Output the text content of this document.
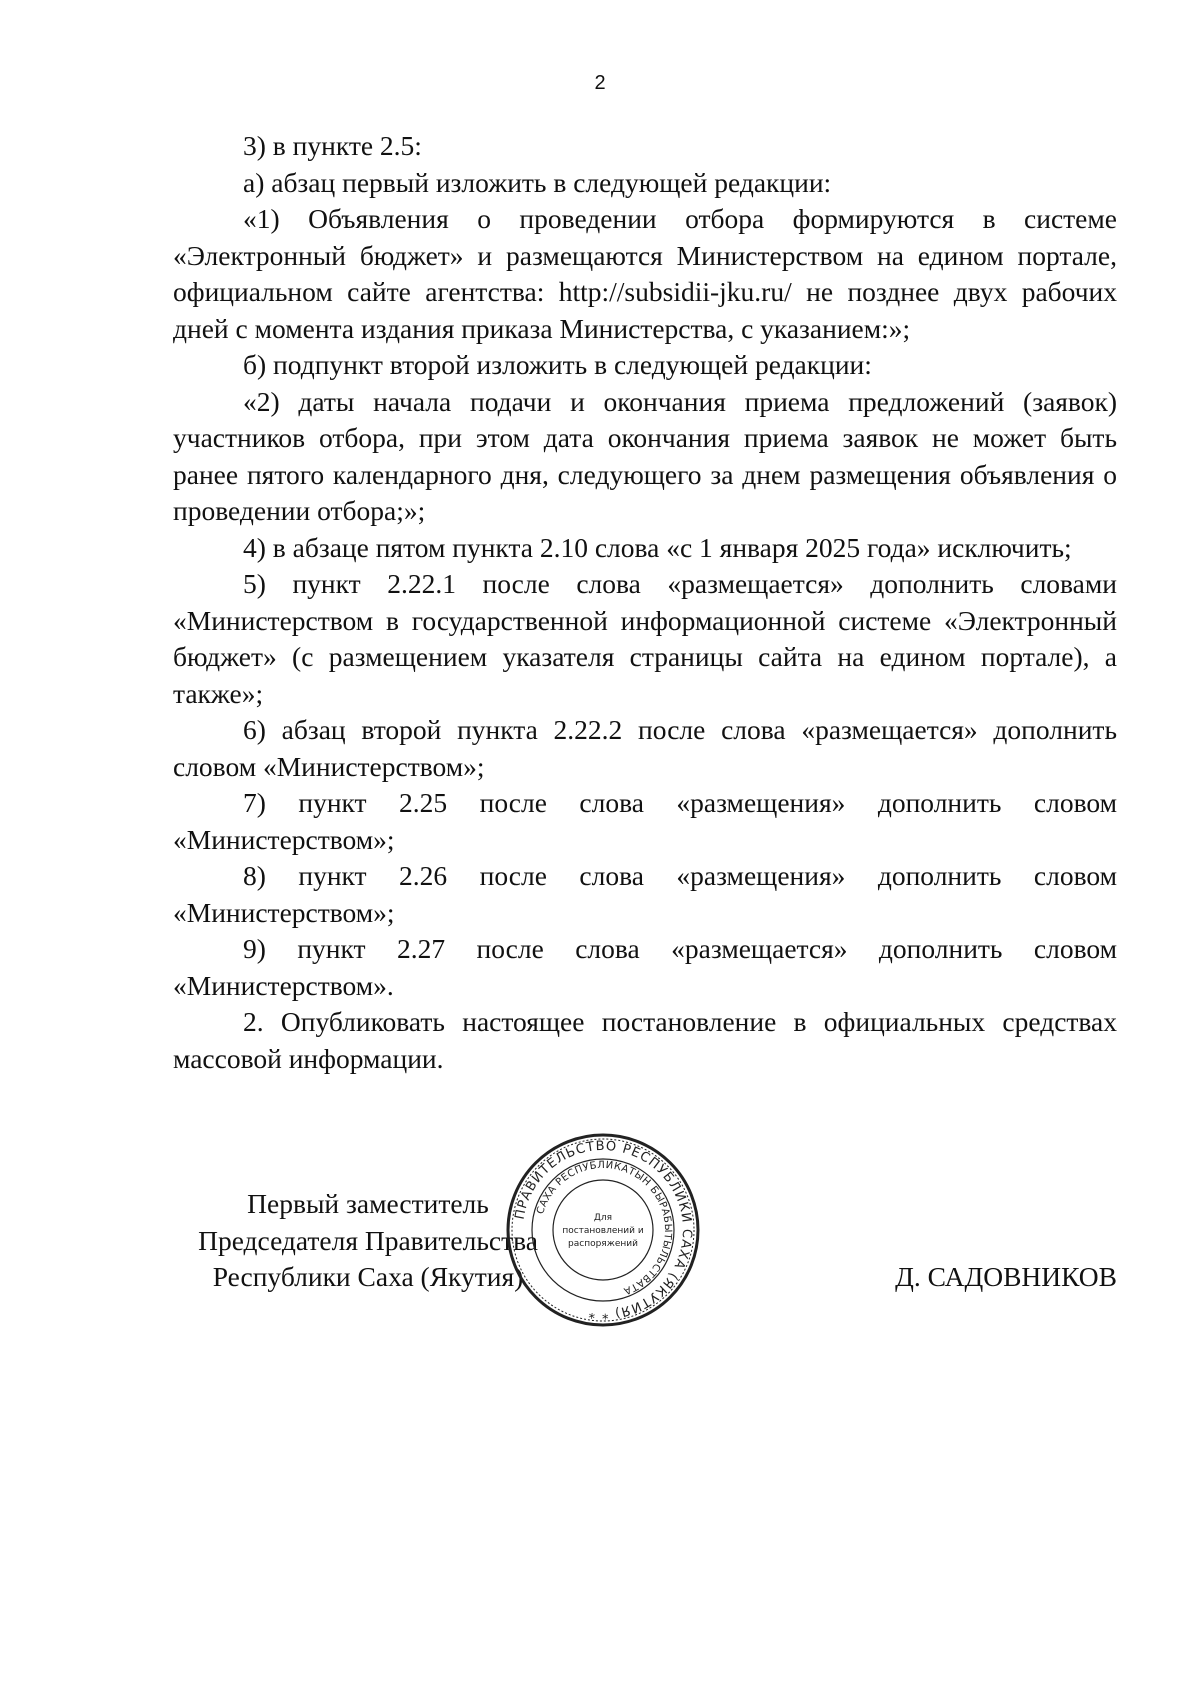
2

3) в пункте 2.5:

а) абзац первый изложить в следующей редакции:

«1) Объявления о проведении отбора формируются в системе «Электронный бюджет» и размещаются Министерством на едином портале, официальном сайте агентства: http://subsidii-jku.ru/ не позднее двух рабочих дней с момента издания приказа Министерства, с указанием:»;

б) подпункт второй изложить в следующей редакции:

«2) даты начала подачи и окончания приема предложений (заявок) участников отбора, при этом дата окончания приема заявок не может быть ранее пятого календарного дня, следующего за днем размещения объявления о проведении отбора;»;

4) в абзаце пятом пункта 2.10 слова «с 1 января 2025 года» исключить;

5) пункт 2.22.1 после слова «размещается» дополнить словами «Министерством в государственной информационной системе «Электронный бюджет» (с размещением указателя страницы сайта на едином портале), а также»;

6) абзац второй пункта 2.22.2 после слова «размещается» дополнить словом «Министерством»;

7) пункт 2.25 после слова «размещения» дополнить словом «Министерством»;

8) пункт 2.26 после слова «размещения» дополнить словом «Министерством»;

9) пункт 2.27 после слова «размещается» дополнить словом «Министерством».

2. Опубликовать настоящее постановление в официальных средствах массовой информации.

Первый заместитель
Председателя Правительства
Республики Саха (Якутия)	Д. САДОВНИКОВ
ПРАВИТЕЛЬСТВО РЕСПУБЛИКИ САХА (ЯКУТИЯ) * *
САХА РЕСПУБЛИКАТЫН БЫРАБЫТЫЛЬСТВАТА
Для
постановлений и
распоряжений
